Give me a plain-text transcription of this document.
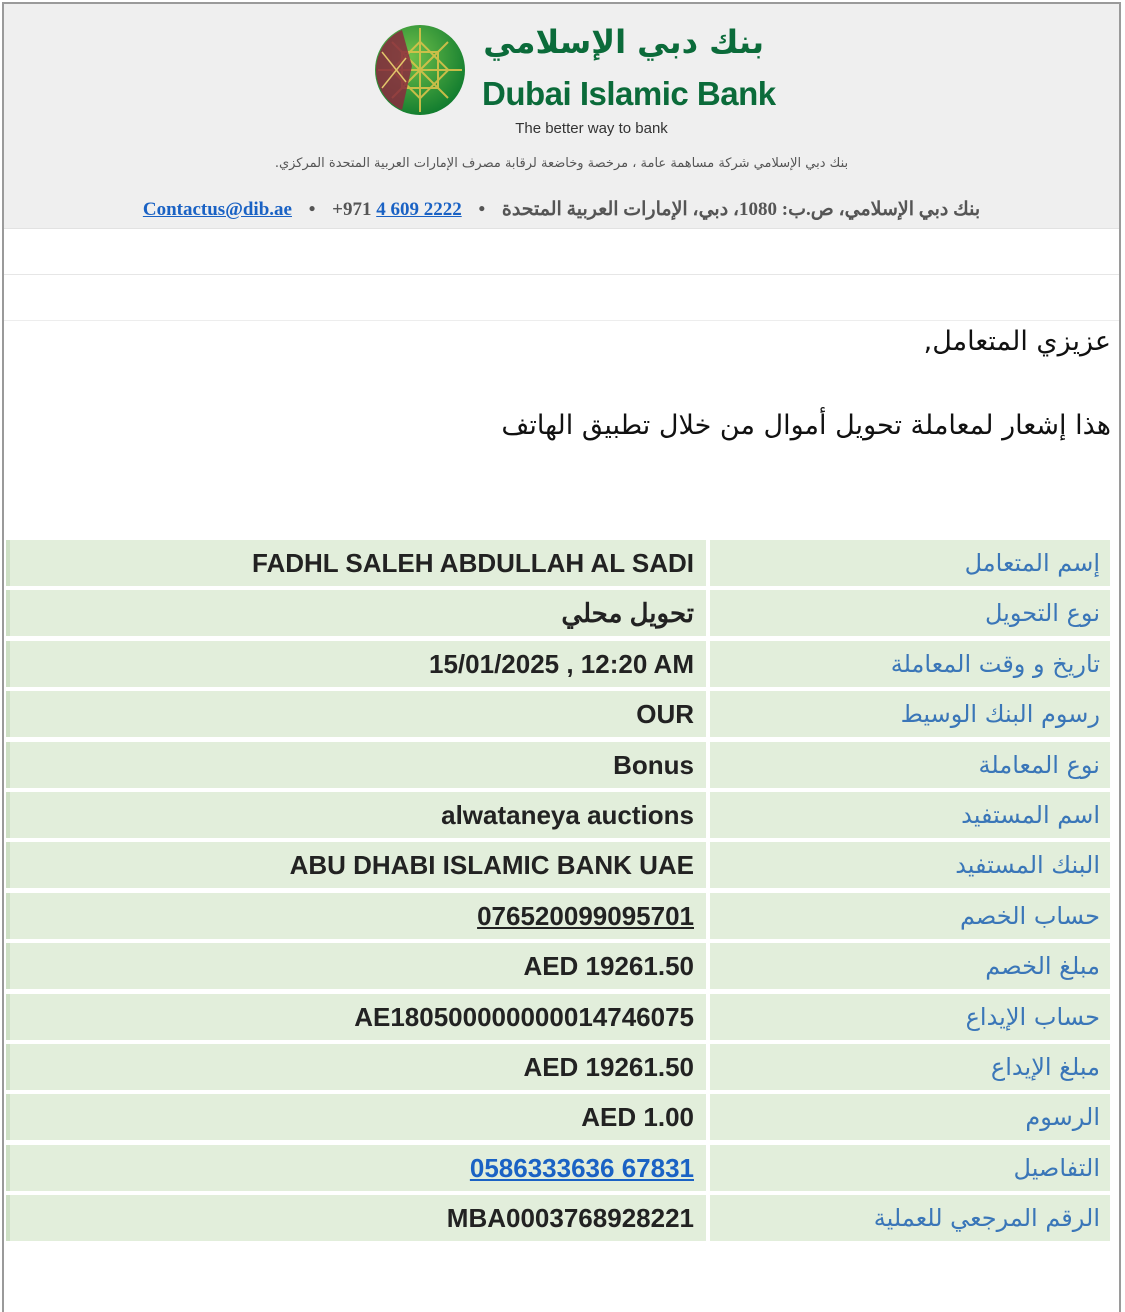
بنك دبي الإسلامي
Dubai Islamic Bank
The better way to bank
بنك دبي الإسلامي شركة مساهمة عامة ، مرخصة وخاضعة لرقابة مصرف الإمارات العربية المتحدة المركزي.
Contactus@dib.ae • +971 4 609 2222 • بنك دبي الإسلامي، ص.ب: 1080، دبي، الإمارات العربية المتحدة
عزيزي المتعامل,
هذا إشعار لمعاملة تحويل أموال من خلال تطبيق الهاتف
FADHL SALEH ABDULLAH AL SADI	إسم المتعامل
تحويل محلي	نوع التحويل
15/01/2025 , 12:20 AM	تاريخ و وقت المعاملة
OUR	رسوم البنك الوسيط
Bonus	نوع المعاملة
alwataneya auctions	اسم المستفيد
ABU DHABI ISLAMIC BANK UAE	البنك المستفيد
076520099095701	حساب الخصم
AED 19261.50	مبلغ الخصم
AE180500000000014746075	حساب الإيداع
AED 19261.50	مبلغ الإيداع
AED 1.00	الرسوم
0586333636 67831	التفاصيل
MBA0003768928221	الرقم المرجعي للعملية
